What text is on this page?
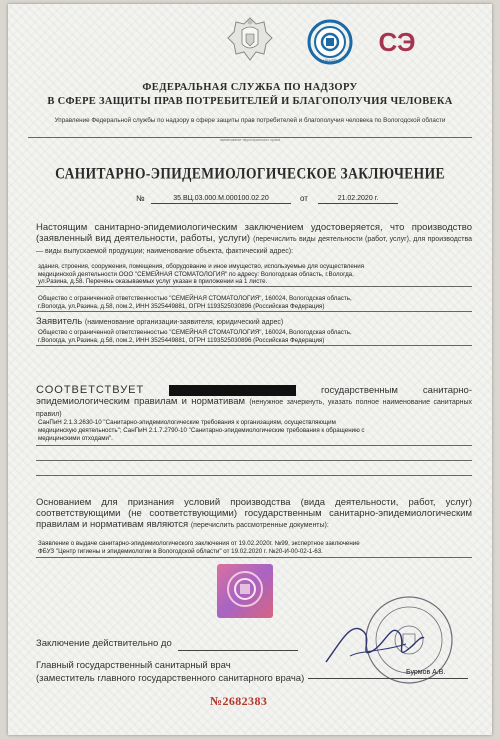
ЦЕНТР
СЭ
ФЕДЕРАЛЬНАЯ СЛУЖБА ПО НАДЗОРУ
В СФЕРЕ ЗАЩИТЫ ПРАВ ПОТРЕБИТЕЛЕЙ И БЛАГОПОЛУЧИЯ ЧЕЛОВЕКА
Управление Федеральной службы по надзору в сфере защиты прав потребителей и благополучия человека по Вологодской области
наименование территориального органа
САНИТАРНО-ЭПИДЕМИОЛОГИЧЕСКОЕ ЗАКЛЮЧЕНИЕ
№	35.ВЦ.03.000.М.000100.02.20	от	21.02.2020 г.
Настоящим санитарно-эпидемиологическим заключением удостоверяется, что производство (заявленный вид деятельности, работы, услуги) (перечислить виды деятельности (работ, услуг), для производства — виды выпускаемой продукции; наименование объекта, фактический адрес):
здания, строения, сооружения, помещения, оборудование и иное имущество, используемые для осуществления
медицинской деятельности ООО "СЕМЕЙНАЯ СТОМАТОЛОГИЯ" по адресу: Вологодская область, г.Вологда,
ул.Разина, д.58. Перечень оказываемых услуг указан в приложении на 1 листе.
Общество с ограниченной ответственностью "СЕМЕЙНАЯ СТОМАТОЛОГИЯ", 160024, Вологодская область,
г.Вологда, ул.Разина, д.58, пом.2, ИНН 3525449881, ОГРН 1193525030896 (Российская Федерация)
Заявитель (наименование организации-заявителя, юридический адрес)
Общество с ограниченной ответственностью "СЕМЕЙНАЯ СТОМАТОЛОГИЯ", 160024, Вологодская область,
г.Вологда, ул.Разина, д.58, пом.2, ИНН 3525449881, ОГРН 1193525030896 (Российская Федерация)
СООТВЕТСТВУЕТ	(НЕ СООТВЕТСТВУЕТ)	государственным санитарно-эпидемиологическим правилам и нормативам (ненужное зачеркнуть, указать полное наименование санитарных правил)
СанПиН 2.1.3.2630-10 "Санитарно-эпидемиологические требования к организациям, осуществляющим
медицинскую деятельность"; СанПиН 2.1.7.2790-10 "Санитарно-эпидемиологические требования к обращению с
медицинскими отходами".
Основанием для признания условий производства (вида деятельности, работ, услуг) соответствующими (не соответствующими) государственным санитарно-эпидемиологическим правилам и нормативам являются (перечислить рассмотренные документы):
Заявление о выдаче санитарно-эпидемиологического заключения от 19.02.2020г. №99, экспертное заключение
ФБУЗ "Центр гигиены и эпидемиологии в Вологодской области" от 19.02.2020 г. №20-И-00-02-1-63.
Заключение действительно до
Главный государственный санитарный врач
(заместитель главного государственного санитарного врача)
Бурмов А.В.
№2682383
